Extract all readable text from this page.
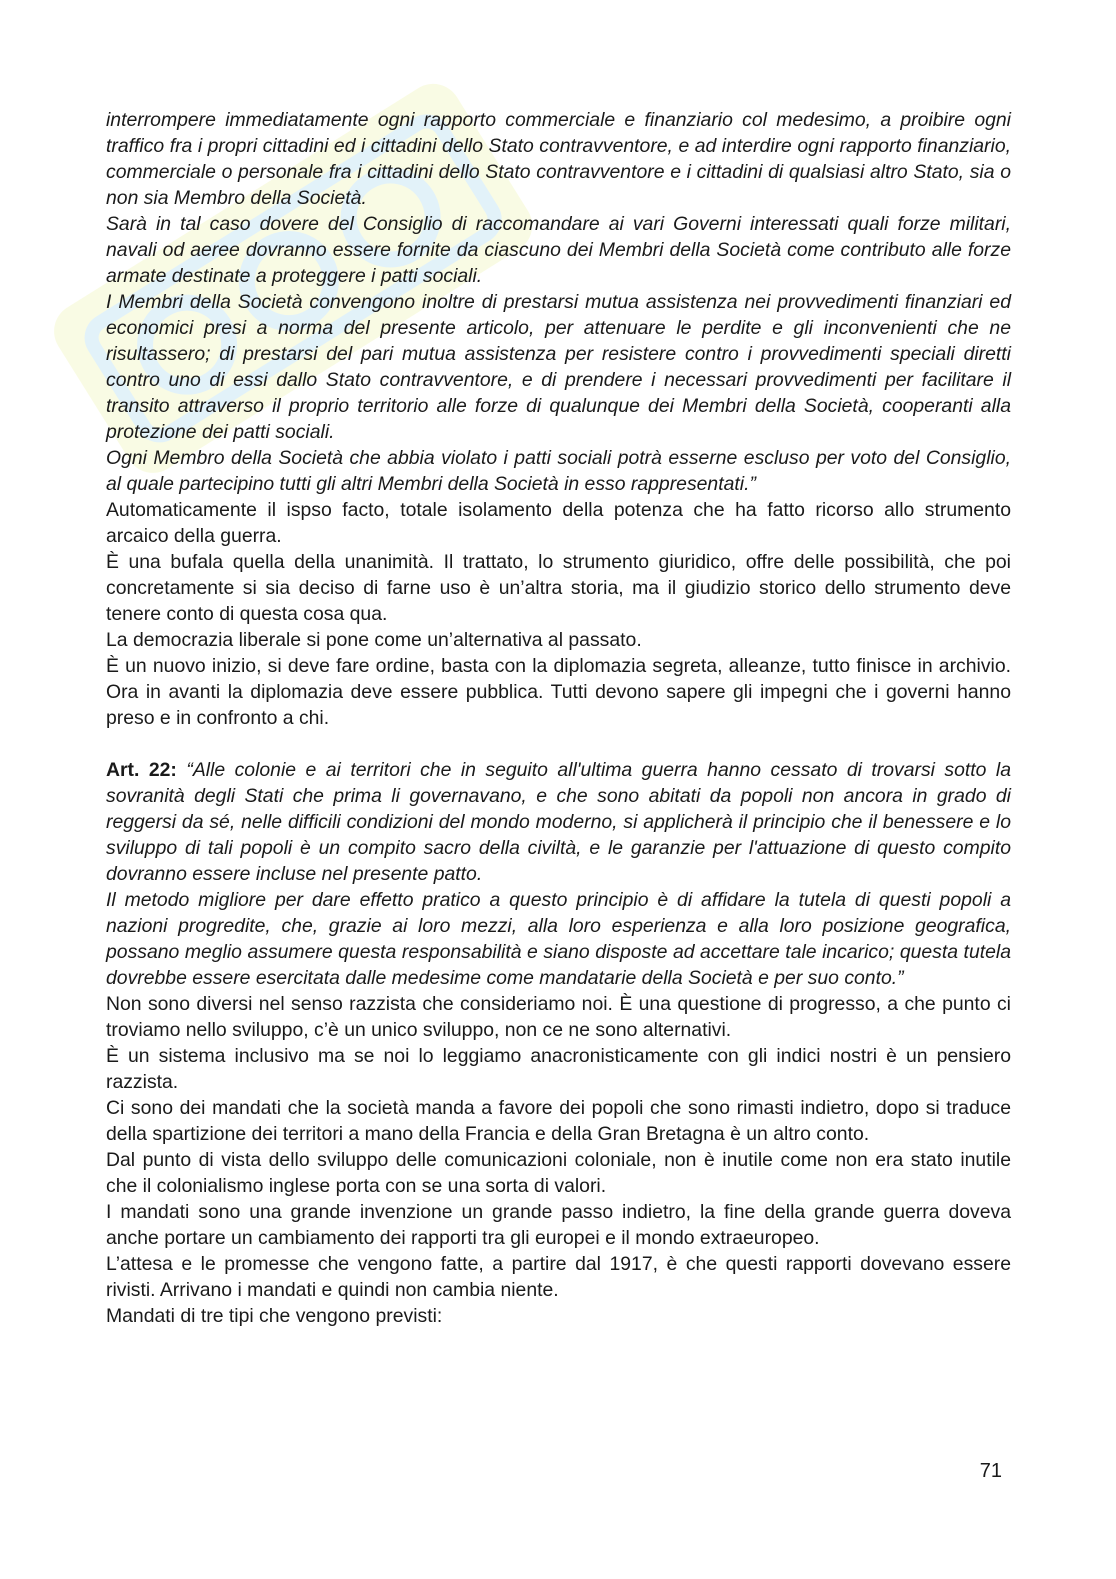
interrompere immediatamente ogni rapporto commerciale e finanziario col medesimo, a proibire ogni traffico fra i propri cittadini ed i cittadini dello Stato contravventore, e ad interdire ogni rapporto finanziario, commerciale o personale fra i cittadini dello Stato contravventore e i cittadini di qualsiasi altro Stato, sia o non sia Membro della Società.

Sarà in tal caso dovere del Consiglio di raccomandare ai vari Governi interessati quali forze militari, navali od aeree dovranno essere fornite da ciascuno dei Membri della Società come contributo alle forze armate destinate a proteggere i patti sociali.

I Membri della Società convengono inoltre di prestarsi mutua assistenza nei provvedimenti finanziari ed economici presi a norma del presente articolo, per attenuare le perdite e gli inconvenienti che ne risultassero; di prestarsi del pari mutua assistenza per resistere contro i provvedimenti speciali diretti contro uno di essi dallo Stato contravventore, e di prendere i necessari provvedimenti per facilitare il transito attraverso il proprio territorio alle forze di qualunque dei Membri della Società, cooperanti alla protezione dei patti sociali.

Ogni Membro della Società che abbia violato i patti sociali potrà esserne escluso per voto del Consiglio, al quale partecipino tutti gli altri Membri della Società in esso rappresentati.”

Automaticamente il ispso facto, totale isolamento della potenza che ha fatto ricorso allo strumento arcaico della guerra.

È una bufala quella della unanimità. Il trattato, lo strumento giuridico, offre delle possibilità, che poi concretamente si sia deciso di farne uso è un’altra storia, ma il giudizio storico dello strumento deve tenere conto di questa cosa qua.

La democrazia liberale si pone come un’alternativa al passato.

È un nuovo inizio, si deve fare ordine, basta con la diplomazia segreta, alleanze, tutto finisce in archivio. Ora in avanti la diplomazia deve essere pubblica. Tutti devono sapere gli impegni che i governi hanno preso e in confronto a chi.

Art. 22: “Alle colonie e ai territori che in seguito all'ultima guerra hanno cessato di trovarsi sotto la sovranità degli Stati che prima li governavano, e che sono abitati da popoli non ancora in grado di reggersi da sé, nelle difficili condizioni del mondo moderno, si applicherà il principio che il benessere e lo sviluppo di tali popoli è un compito sacro della civiltà, e le garanzie per l'attuazione di questo compito dovranno essere incluse nel presente patto.

Il metodo migliore per dare effetto pratico a questo principio è di affidare la tutela di questi popoli a nazioni progredite, che, grazie ai loro mezzi, alla loro esperienza e alla loro posizione geografica, possano meglio assumere questa responsabilità e siano disposte ad accettare tale incarico; questa tutela dovrebbe essere esercitata dalle medesime come mandatarie della Società e per suo conto.”

Non sono diversi nel senso razzista che consideriamo noi. È una questione di progresso, a che punto ci troviamo nello sviluppo, c’è un unico sviluppo, non ce ne sono alternativi.

È un sistema inclusivo ma se noi lo leggiamo anacronisticamente con gli indici nostri è un pensiero razzista.

Ci sono dei mandati che la società manda a favore dei popoli che sono rimasti indietro, dopo si traduce della spartizione dei territori a mano della Francia e della Gran Bretagna è un altro conto.

Dal punto di vista dello sviluppo delle comunicazioni coloniale, non è inutile come non era stato inutile che il colonialismo inglese porta con se una sorta di valori.

I mandati sono una grande invenzione un grande passo indietro, la fine della grande guerra doveva anche portare un cambiamento dei rapporti tra gli europei e il mondo extraeuropeo.

L’attesa e le promesse che vengono fatte, a partire dal 1917, è che questi rapporti dovevano essere rivisti. Arrivano i mandati e quindi non cambia niente.

Mandati di tre tipi che vengono previsti:

71
